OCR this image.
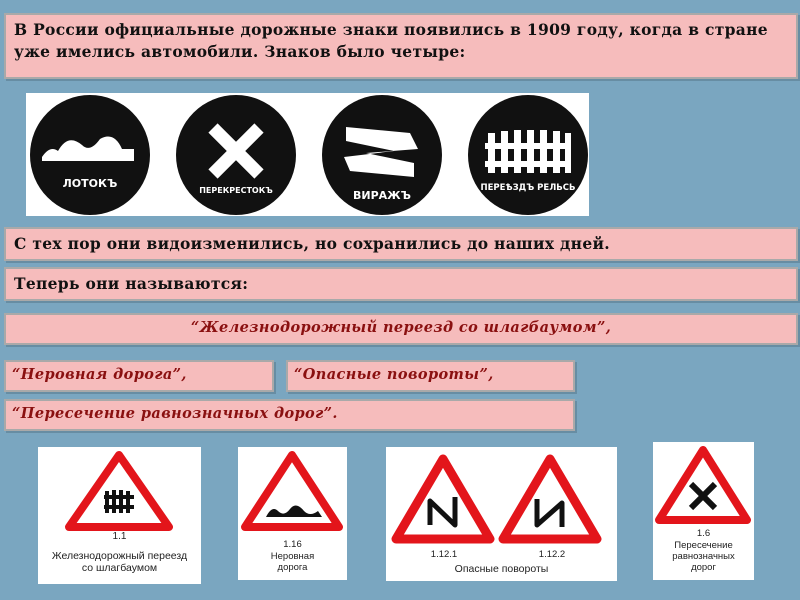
В России официальные дорожные знаки появились в 1909 году, когда в стране уже имелись автомобили. Знаков было четыре:
ЛОТОКЪ
ПЕРЕКРЕСТОКЪ	ВИРАЖЪ
ПЕРЕѢЗДЪ РЕЛЬСЬ
С тех пор они видоизменились, но сохранились до наших дней.
Теперь они называются:
“Железнодорожный переезд со шлагбаумом”,
“Неровная дорога”,	“Опасные повороты”,
“Пересечение равнозначных дорог”.
1.1
Железнодорожный переезд
со шлагбаумом
1.16
Неровная
дорога
1.12.1	1.12.2
Опасные повороты
1.6
Пересечение
равнозначных
дорог
